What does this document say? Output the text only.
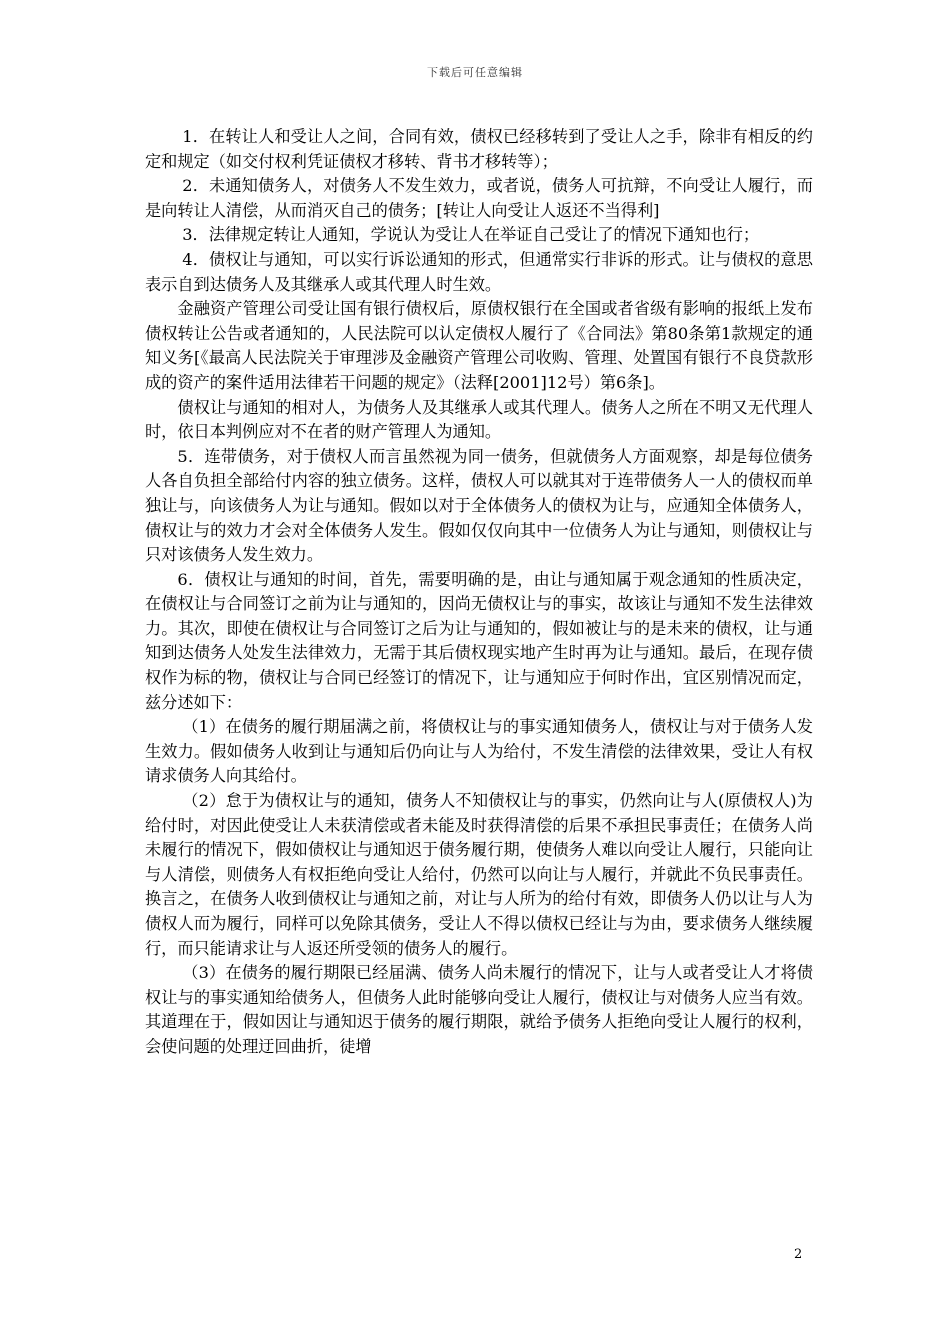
下载后可任意编辑

1．在转让人和受让人之间，合同有效，债权已经移转到了受让人之手，除非有相反的约定和规定（如交付权利凭证债权才移转、背书才移转等）；

2．未通知债务人，对债务人不发生效力，或者说，债务人可抗辩，不向受让人履行，而是向转让人清偿，从而消灭自己的债务；[转让人向受让人返还不当得利]

3．法律规定转让人通知，学说认为受让人在举证自己受让了的情况下通知也行；

4．债权让与通知，可以实行诉讼通知的形式，但通常实行非诉的形式。让与债权的意思表示自到达债务人及其继承人或其代理人时生效。

金融资产管理公司受让国有银行债权后，原债权银行在全国或者省级有影响的报纸上发布债权转让公告或者通知的，人民法院可以认定债权人履行了《合同法》第80条第1款规定的通知义务[《最高人民法院关于审理涉及金融资产管理公司收购、管理、处置国有银行不良贷款形成的资产的案件适用法律若干问题的规定》（法释[2001]12号）第6条]。

债权让与通知的相对人，为债务人及其继承人或其代理人。债务人之所在不明又无代理人时，依日本判例应对不在者的财产管理人为通知。

5．连带债务，对于债权人而言虽然视为同一债务，但就债务人方面观察，却是每位债务人各自负担全部给付内容的独立债务。这样，债权人可以就其对于连带债务人一人的债权而单独让与，向该债务人为让与通知。假如以对于全体债务人的债权为让与，应通知全体债务人，债权让与的效力才会对全体债务人发生。假如仅仅向其中一位债务人为让与通知，则债权让与只对该债务人发生效力。

6．债权让与通知的时间，首先，需要明确的是，由让与通知属于观念通知的性质决定，在债权让与合同签订之前为让与通知的，因尚无债权让与的事实，故该让与通知不发生法律效力。其次，即使在债权让与合同签订之后为让与通知的，假如被让与的是未来的债权，让与通知到达债务人处发生法律效力，无需于其后债权现实地产生时再为让与通知。最后，在现存债权作为标的物，债权让与合同已经签订的情况下，让与通知应于何时作出，宜区别情况而定，兹分述如下：

（1）在债务的履行期届满之前，将债权让与的事实通知债务人，债权让与对于债务人发生效力。假如债务人收到让与通知后仍向让与人为给付，不发生清偿的法律效果，受让人有权请求债务人向其给付。

（2）怠于为债权让与的通知，债务人不知债权让与的事实，仍然向让与人(原债权人)为给付时，对因此使受让人未获清偿或者未能及时获得清偿的后果不承担民事责任；在债务人尚未履行的情况下，假如债权让与通知迟于债务履行期，使债务人难以向受让人履行，只能向让与人清偿，则债务人有权拒绝向受让人给付，仍然可以向让与人履行，并就此不负民事责任。换言之，在债务人收到债权让与通知之前，对让与人所为的给付有效，即债务人仍以让与人为债权人而为履行，同样可以免除其债务，受让人不得以债权已经让与为由，要求债务人继续履行，而只能请求让与人返还所受领的债务人的履行。

（3）在债务的履行期限已经届满、债务人尚未履行的情况下，让与人或者受让人才将债权让与的事实通知给债务人，但债务人此时能够向受让人履行，债权让与对债务人应当有效。其道理在于，假如因让与通知迟于债务的履行期限，就给予债务人拒绝向受让人履行的权利，会使问题的处理迂回曲折，徒增

2
